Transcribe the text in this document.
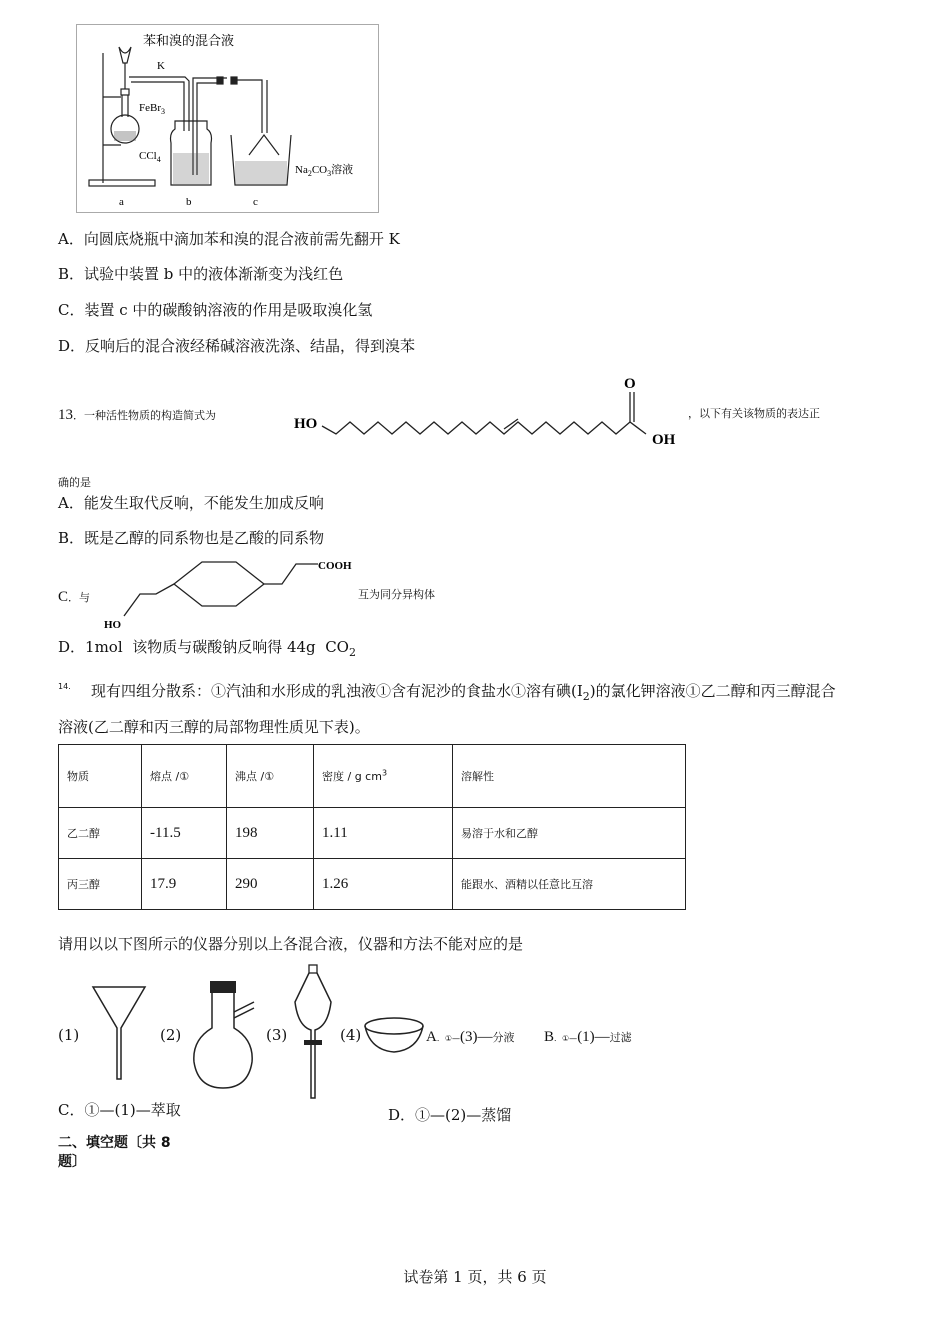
苯和溴的混合液
K
FeBr$_3$
CCl$_4$
$Na_2CO_3$溶液
a	b	c
A．向圆底烧瓶中滴加苯和溴的混合液前需先翻开 K
B．试验中装置 b 中的液体渐渐变为浅红色
C．装置 c 中的碳酸钠溶液的作用是吸取溴化氢
D．反响后的混合液经稀碱溶液洗涤、结晶，得到溴苯
13．一种活性物质的构造简式为
HO
O
OH
，以下有关该物质的表达正
确的是
A．能发生取代反响，不能发生加成反响
B．既是乙醇的同系物也是乙酸的同系物
C．与
COOH
HO
互为同分异构体
D．1mol 该物质与碳酸钠反响得 44g $CO_2$
14. 现有四组分散系：①汽油和水形成的乳浊液①含有泥沙的食盐水①溶有碘$(I_2)$的氯化钾溶液①乙二醇和丙三醇混合
溶液(乙二醇和丙三醇的局部物理性质见下表)。
物质	熔点 /①	沸点 /①	密度 / g $cm^3$	溶解性
乙二醇	-11.5	198	1.11	易溶于水和乙醇
丙三醇	17.9	290	1.26	能跟水、酒精以任意比互溶
请用以以下图所示的仪器分别以上各混合液，仪器和方法不能对应的是
(1)	(2)	(3)	(4)	A．①—(3)—分液 B．①—(1)—过滤
C．①—(1)—萃取	D．①—(2)—蒸馏
二、填空题〔共 8
题〕
试卷第 1 页，共 6 页
